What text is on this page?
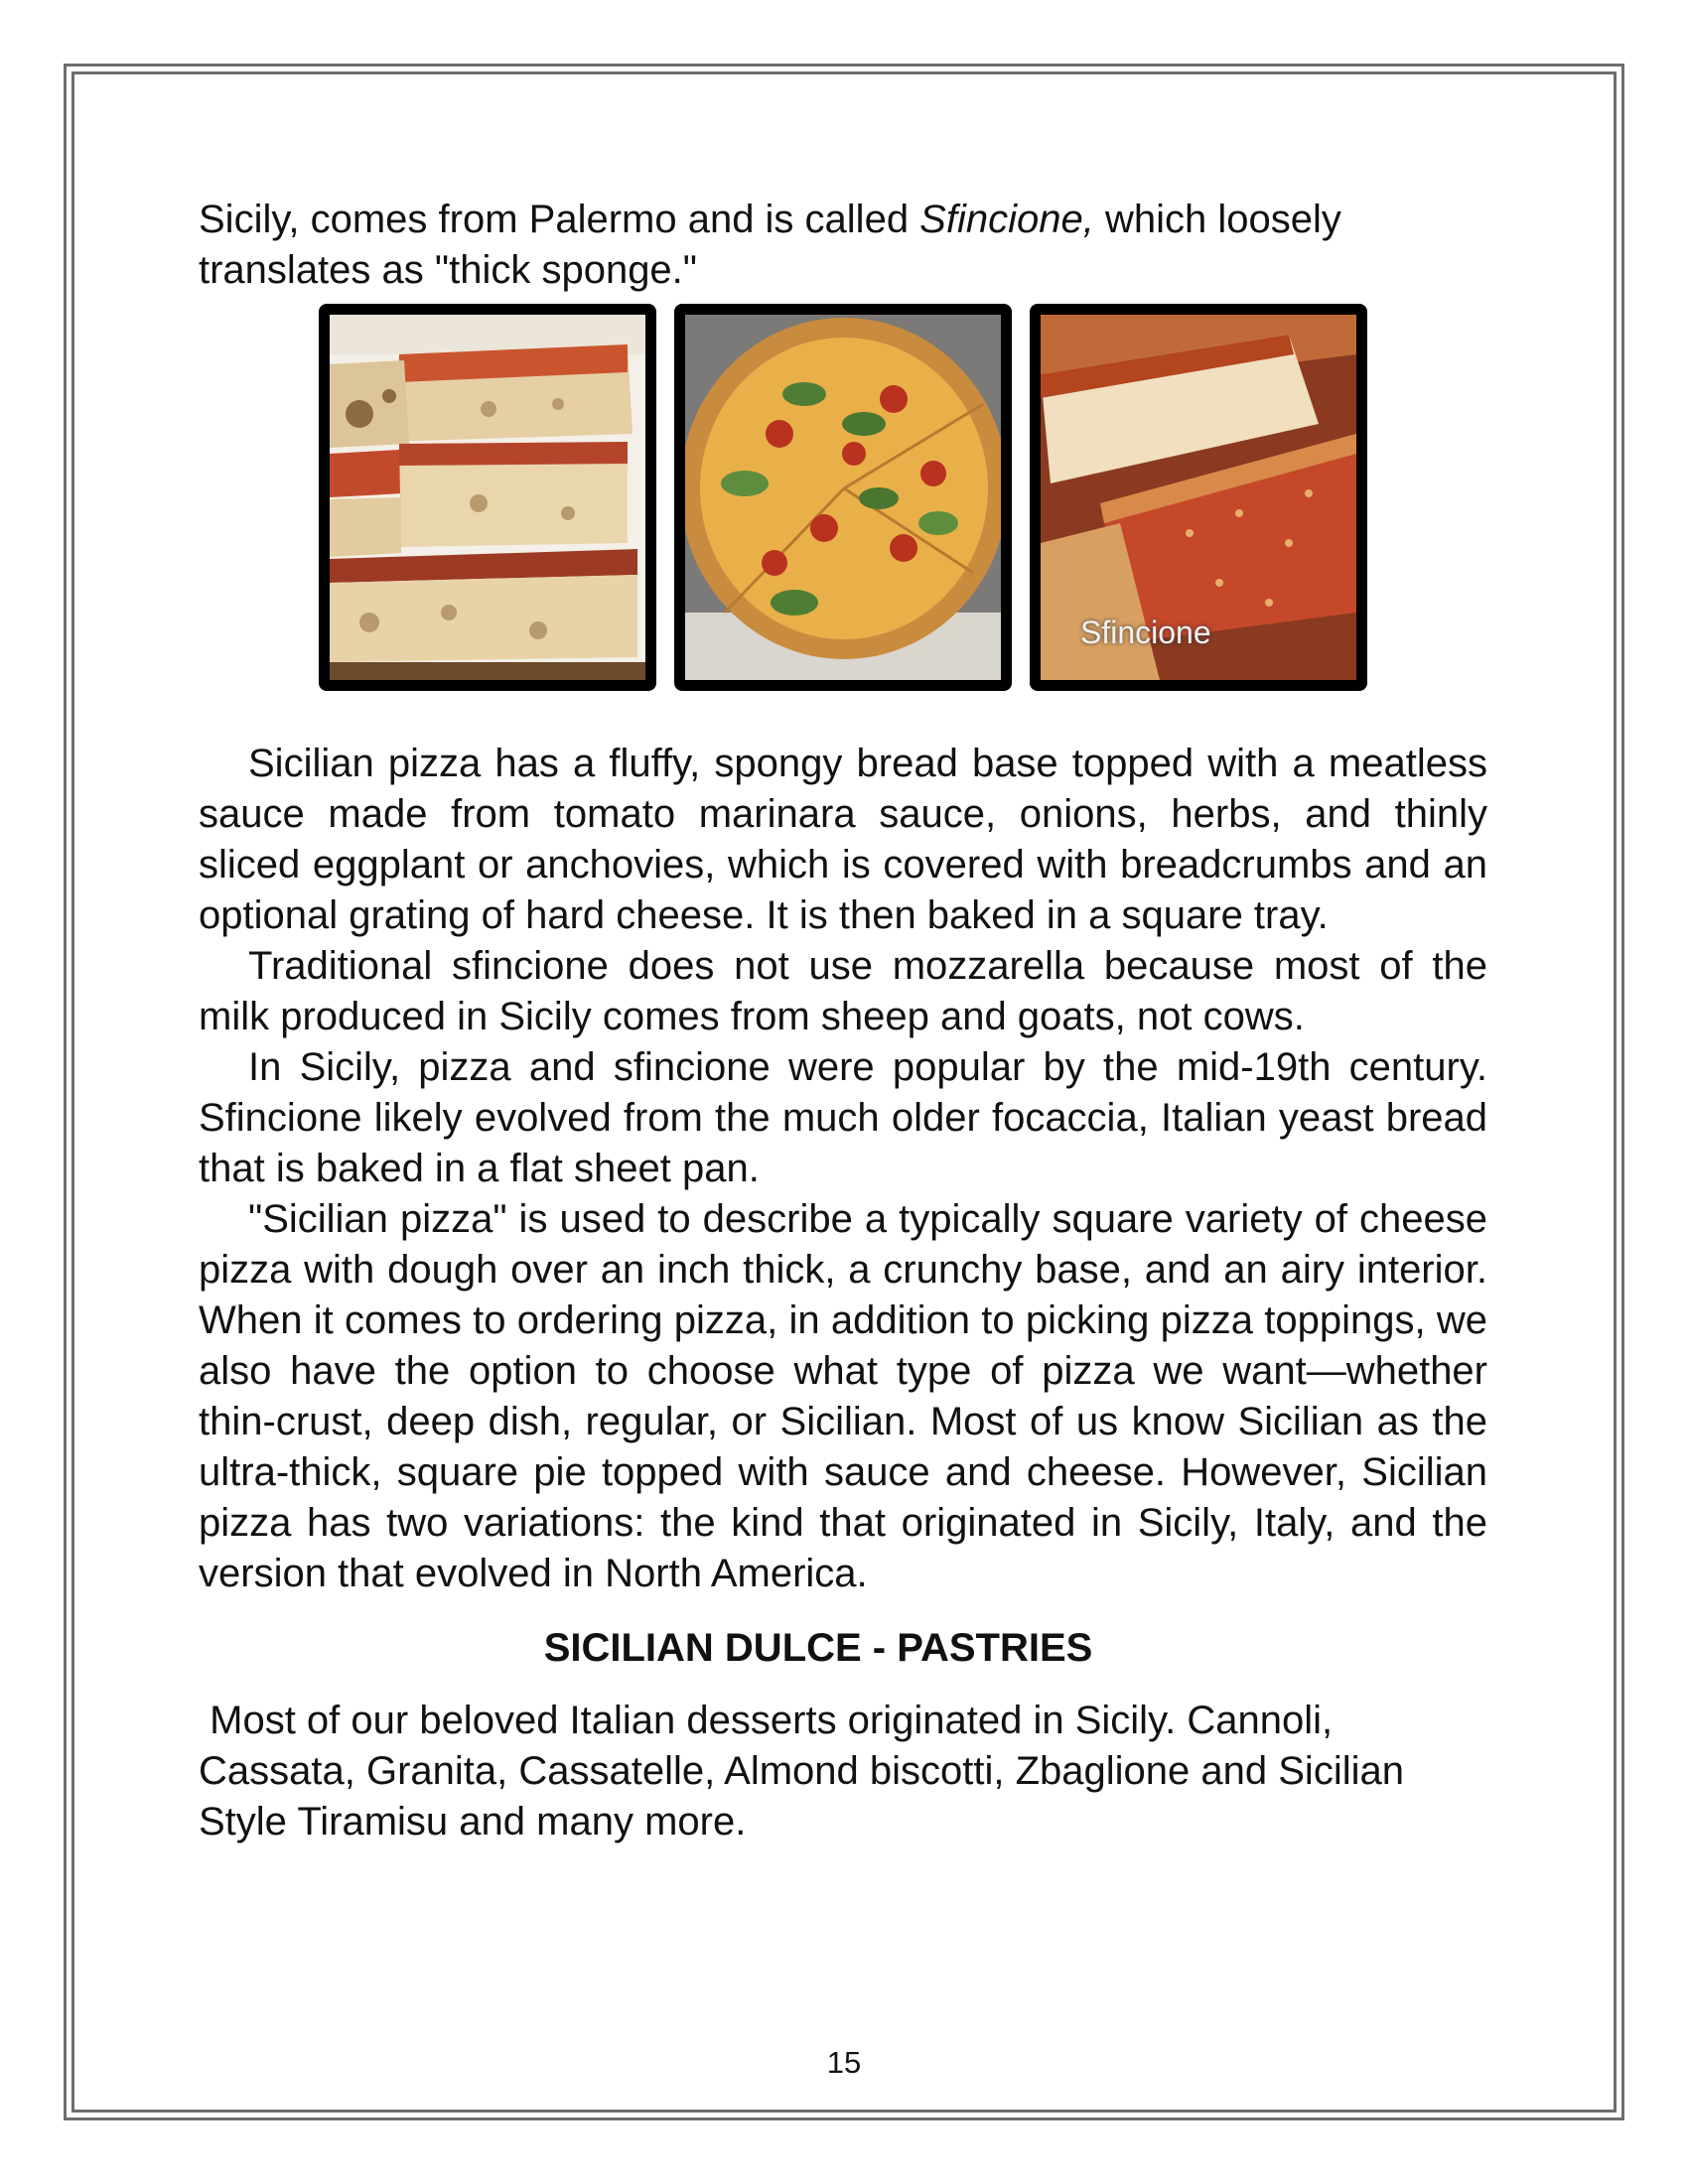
Sicily, comes from Palermo and is called Sfincione, which loosely translates as "thick sponge."

Sfincione

Sicilian pizza has a fluffy, spongy bread base topped with a meatless sauce made from tomato marinara sauce, onions, herbs, and thinly sliced eggplant or anchovies, which is covered with breadcrumbs and an optional grating of hard cheese. It is then baked in a square tray.

Traditional sfincione does not use mozzarella because most of the milk produced in Sicily comes from sheep and goats, not cows.

In Sicily, pizza and sfincione were popular by the mid-19th century. Sfincione likely evolved from the much older focaccia, Italian yeast bread that is baked in a flat sheet pan.

"Sicilian pizza" is used to describe a typically square variety of cheese pizza with dough over an inch thick, a crunchy base, and an airy interior. When it comes to ordering pizza, in addition to picking pizza toppings, we also have the option to choose what type of pizza we want—whether thin-crust, deep dish, regular, or Sicilian. Most of us know Sicilian as the ultra-thick, square pie topped with sauce and cheese. However, Sicilian pizza has two variations: the kind that originated in Sicily, Italy, and the version that evolved in North America.

SICILIAN DULCE - PASTRIES

Most of our beloved Italian desserts originated in Sicily. Cannoli, Cassata, Granita, Cassatelle, Almond biscotti, Zbaglione and Sicilian Style Tiramisu and many more.

15
